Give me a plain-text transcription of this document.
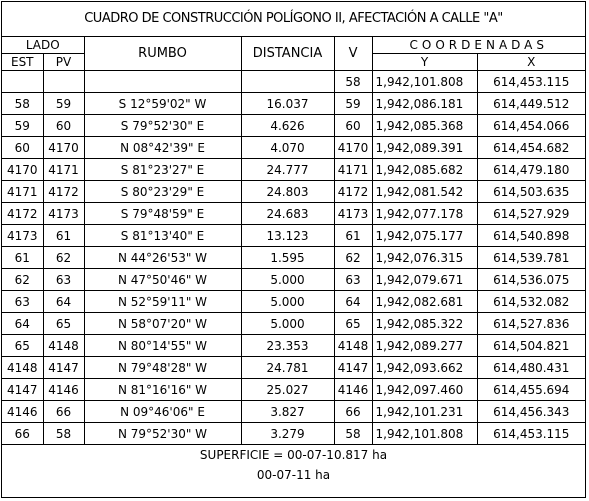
CUADRO DE CONSTRUCCIÓN POLÍGONO II, AFECTACIÓN A CALLE "A"
LADO		RUMBO	DISTANCIA	V	COORDENADAS	
EST	PV				Y	X
				58	1,942,101.808	614,453.115
58	59	S 12°59'02" W	16.037	59	1,942,086.181	614,449.512
59	60	S 79°52'30" E	4.626	60	1,942,085.368	614,454.066
60	4170	N 08°42'39" E	4.070	4170	1,942,089.391	614,454.682
4170	4171	S 81°23'27" E	24.777	4171	1,942,085.682	614,479.180
4171	4172	S 80°23'29" E	24.803	4172	1,942,081.542	614,503.635
4172	4173	S 79°48'59" E	24.683	4173	1,942,077.178	614,527.929
4173	61	S 81°13'40" E	13.123	61	1,942,075.177	614,540.898
61	62	N 44°26'53" W	1.595	62	1,942,076.315	614,539.781
62	63	N 47°50'46" W	5.000	63	1,942,079.671	614,536.075
63	64	N 52°59'11" W	5.000	64	1,942,082.681	614,532.082
64	65	N 58°07'20" W	5.000	65	1,942,085.322	614,527.836
65	4148	N 80°14'55" W	23.353	4148	1,942,089.277	614,504.821
4148	4147	N 79°48'28" W	24.781	4147	1,942,093.662	614,480.431
4147	4146	N 81°16'16" W	25.027	4146	1,942,097.460	614,455.694
4146	66	N 09°46'06" E	3.827	66	1,942,101.231	614,456.343
66	58	N 79°52'30" W	3.279	58	1,942,101.808	614,453.115
SUPERFICIE = 00-07-10.817 ha
00-07-11 ha
